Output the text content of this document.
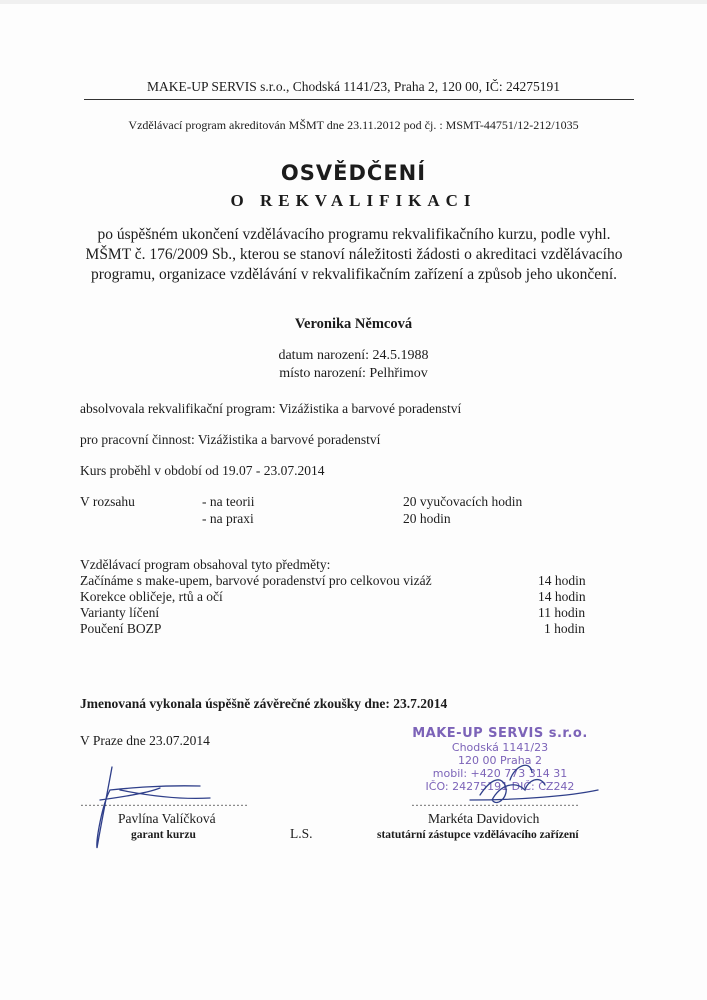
MAKE-UP SERVIS s.r.o., Chodská 1141/23, Praha 2, 120 00, IČ: 24275191
Vzdělávací program akreditován MŠMT dne 23.11.2012 pod čj. : MSMT-44751/12-212/1035
OSVĚDČENÍ
O REKVALIFIKACI
po úspěšném ukončení vzdělávacího programu rekvalifikačního kurzu, podle vyhl. MŠMT č. 176/2009 Sb., kterou se stanoví náležitosti žádosti o akreditaci vzdělávacího programu, organizace vzdělávání v rekvalifikačním zařízení a způsob jeho ukončení.
Veronika Němcová
datum narození: 24.5.1988
místo narození: Pelhřimov
absolvovala rekvalifikační program: Vizážistika a barvové poradenství
pro pracovní činnost: Vizážistika a barvové poradenství
Kurs proběhl v období od 19.07 - 23.07.2014
V rozsahu	- na teorii	20 vyučovacích hodin
- na praxi	20 hodin
Vzdělávací program obsahoval tyto předměty:
Začínáme s make-upem, barvové poradenství pro celkovou vizáž	14 hodin
Korekce obličeje, rtů a očí	14 hodin
Varianty líčení	11 hodin
Poučení BOZP	1 hodin
Jmenovaná vykonala úspěšně závěrečné zkoušky dne: 23.7.2014
V Praze dne 23.07.2014	MAKE-UP SERVIS s.r.o.
Chodská 1141/23
120 00 Praha 2
mobil: +420 773 314 31
IČO: 24275191 DIČ: CZ242
……………………………………
Pavlína Valíčková
garant kurzu	L.S.
……………………………………
Markéta Davidovich
statutární zástupce vzdělávacího zařízení
